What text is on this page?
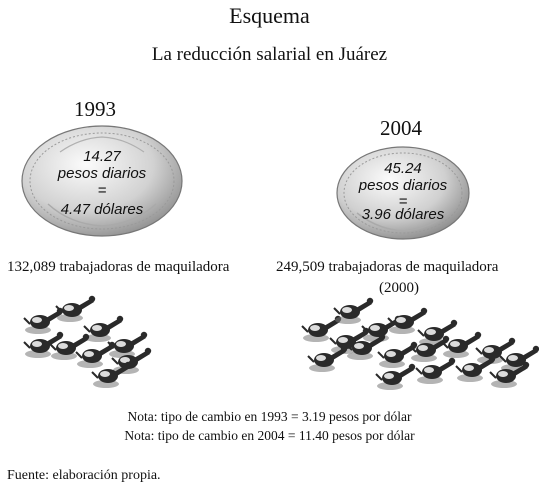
Esquema
La reducción salarial en Juárez
1993
14.27
pesos diarios
=
4.47 dólares
132,089 trabajadoras de maquiladora
2004
45.24
pesos diarios
=
3.96 dólares
249,509 trabajadoras de maquiladora
(2000)
Nota: tipo de cambio en 1993 = 3.19 pesos por dólar
Nota: tipo de cambio en 2004 = 11.40 pesos por dólar
Fuente: elaboración propia.
